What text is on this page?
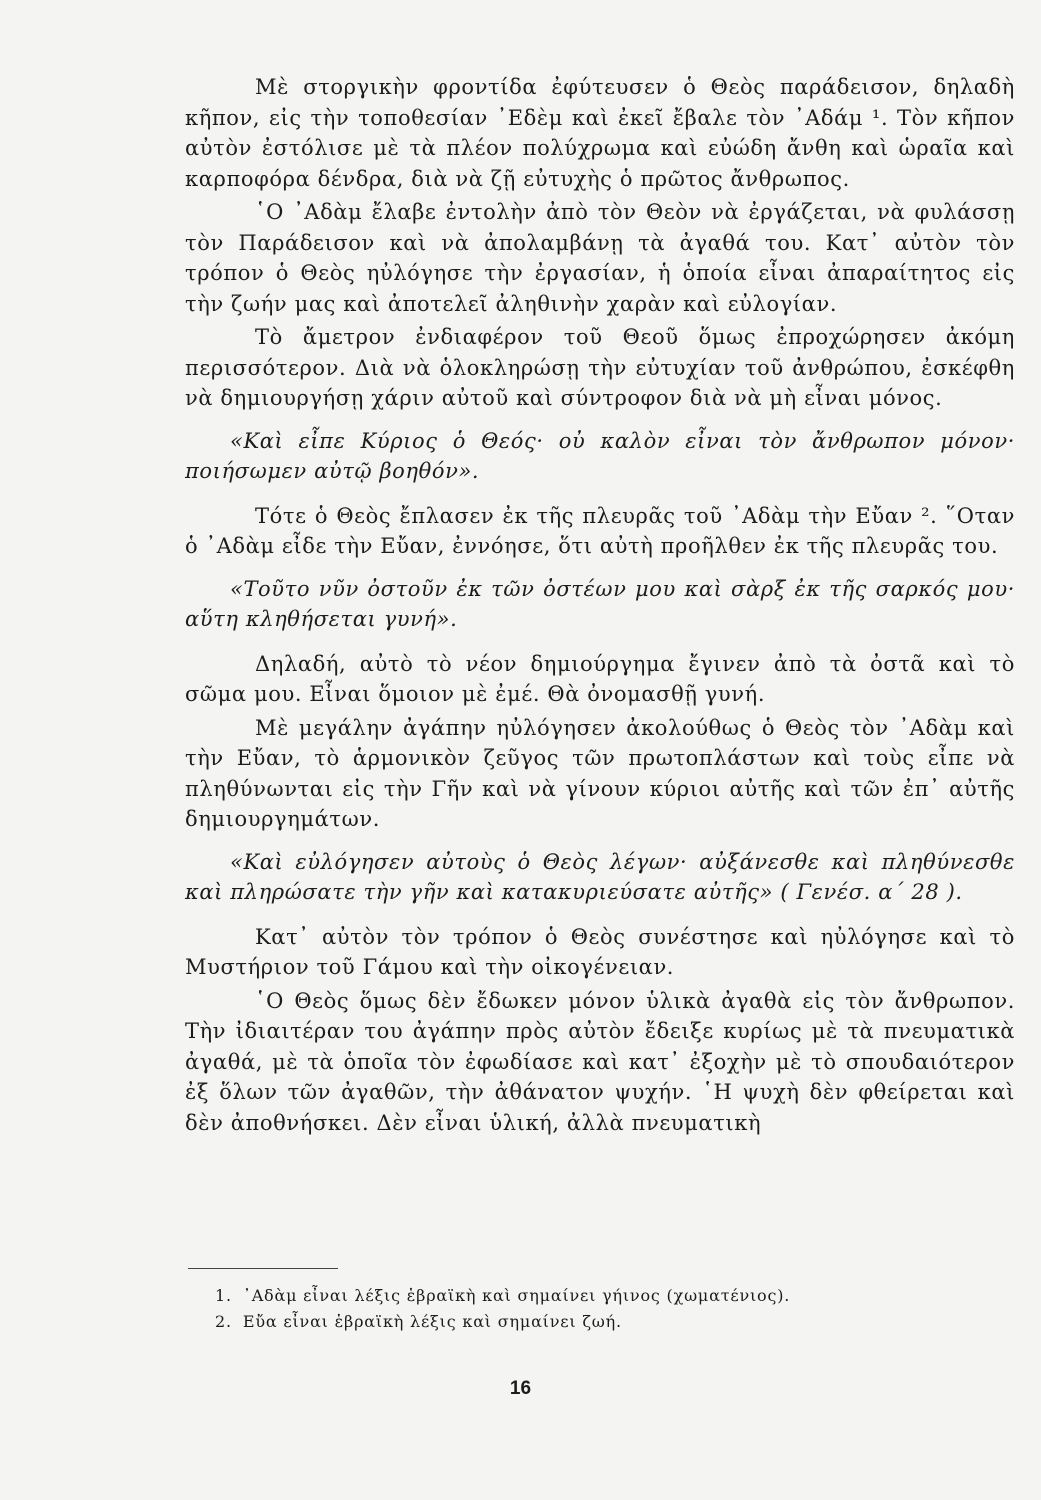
Μὲ στοργικὴν φροντίδα ἐφύτευσεν ὁ Θεὸς παράδεισον, δηλαδὴ κῆπον, εἰς τὴν τοποθεσίαν ᾿Εδὲμ καὶ ἐκεῖ ἔβαλε τὸν ᾿Αδάμ ¹. Τὸν κῆπον αὐτὸν ἐστόλισε μὲ τὰ πλέον πολύχρωμα καὶ εὐώδη ἄνθη καὶ ὡραῖα καὶ καρποφόρα δένδρα, διὰ νὰ ζῇ εὐτυχὴς ὁ πρῶτος ἄνθρωπος.

῾Ο ᾿Αδὰμ ἔλαβε ἐντολὴν ἀπὸ τὸν Θεὸν νὰ ἐργάζεται, νὰ φυλάσσῃ τὸν Παράδεισον καὶ νὰ ἀπολαμβάνῃ τὰ ἀγαθά του. Κατ᾿ αὐτὸν τὸν τρόπον ὁ Θεὸς ηὐλόγησε τὴν ἐργασίαν, ἡ ὁποία εἶναι ἀπαραίτητος εἰς τὴν ζωήν μας καὶ ἀποτελεῖ ἀληθινὴν χαρὰν καὶ εὐλογίαν.

Τὸ ἄμετρον ἐνδιαφέρον τοῦ Θεοῦ ὅμως ἐπροχώρησεν ἀκόμη περισσότερον. Διὰ νὰ ὁλοκληρώσῃ τὴν εὐτυχίαν τοῦ ἀνθρώπου, ἐσκέφθη νὰ δημιουργήσῃ χάριν αὐτοῦ καὶ σύντροφον διὰ νὰ μὴ εἶναι μόνος.

«Καὶ εἶπε Κύριος ὁ Θεός· οὐ καλὸν εἶναι τὸν ἄνθρωπον μόνον· ποιήσωμεν αὐτῷ βοηθόν».

Τότε ὁ Θεὸς ἔπλασεν ἐκ τῆς πλευρᾶς τοῦ ᾿Αδὰμ τὴν Εὔαν ². ῞Οταν ὁ ᾿Αδὰμ εἶδε τὴν Εὔαν, ἐννόησε, ὅτι αὐτὴ προῆλθεν ἐκ τῆς πλευρᾶς του.

«Τοῦτο νῦν ὀστοῦν ἐκ τῶν ὀστέων μου καὶ σὰρξ ἐκ τῆς σαρκός μου· αὕτη κληθήσεται γυνή».

Δηλαδή, αὐτὸ τὸ νέον δημιούργημα ἔγινεν ἀπὸ τὰ ὀστᾶ καὶ τὸ σῶμα μου. Εἶναι ὅμοιον μὲ ἐμέ. Θὰ ὀνομασθῇ γυνή.

Μὲ μεγάλην ἀγάπην ηὐλόγησεν ἀκολούθως ὁ Θεὸς τὸν ᾿Αδὰμ καὶ τὴν Εὔαν, τὸ ἁρμονικὸν ζεῦγος τῶν πρωτοπλάστων καὶ τοὺς εἶπε νὰ πληθύνωνται εἰς τὴν Γῆν καὶ νὰ γίνουν κύριοι αὐτῆς καὶ τῶν ἐπ᾿ αὐτῆς δημιουργημάτων.

«Καὶ εὐλόγησεν αὐτοὺς ὁ Θεὸς λέγων· αὐξάνεσθε καὶ πληθύνεσθε καὶ πληρώσατε τὴν γῆν καὶ κατακυριεύσατε αὐτῆς» ( Γενέσ. α´ 28 ).

Κατ᾿ αὐτὸν τὸν τρόπον ὁ Θεὸς συνέστησε καὶ ηὐλόγησε καὶ τὸ Μυστήριον τοῦ Γάμου καὶ τὴν οἰκογένειαν.

῾Ο Θεὸς ὅμως δὲν ἔδωκεν μόνον ὑλικὰ ἀγαθὰ εἰς τὸν ἄνθρωπον. Τὴν ἰδιαιτέραν του ἀγάπην πρὸς αὐτὸν ἔδειξε κυρίως μὲ τὰ πνευματικὰ ἀγαθά, μὲ τὰ ὁποῖα τὸν ἐφωδίασε καὶ κατ᾿ ἐξοχὴν μὲ τὸ σπουδαιότερον ἐξ ὅλων τῶν ἀγαθῶν, τὴν ἀθάνατον ψυχήν. ῾Η ψυχὴ δὲν φθείρεται καὶ δὲν ἀποθνήσκει. Δὲν εἶναι ὑλική, ἀλλὰ πνευματικὴ

1. ᾿Αδὰμ εἶναι λέξις ἑβραϊκὴ καὶ σημαίνει γήινος (χωματένιος).
2. Εὔα εἶναι ἑβραϊκὴ λέξις καὶ σημαίνει ζωή.
16
